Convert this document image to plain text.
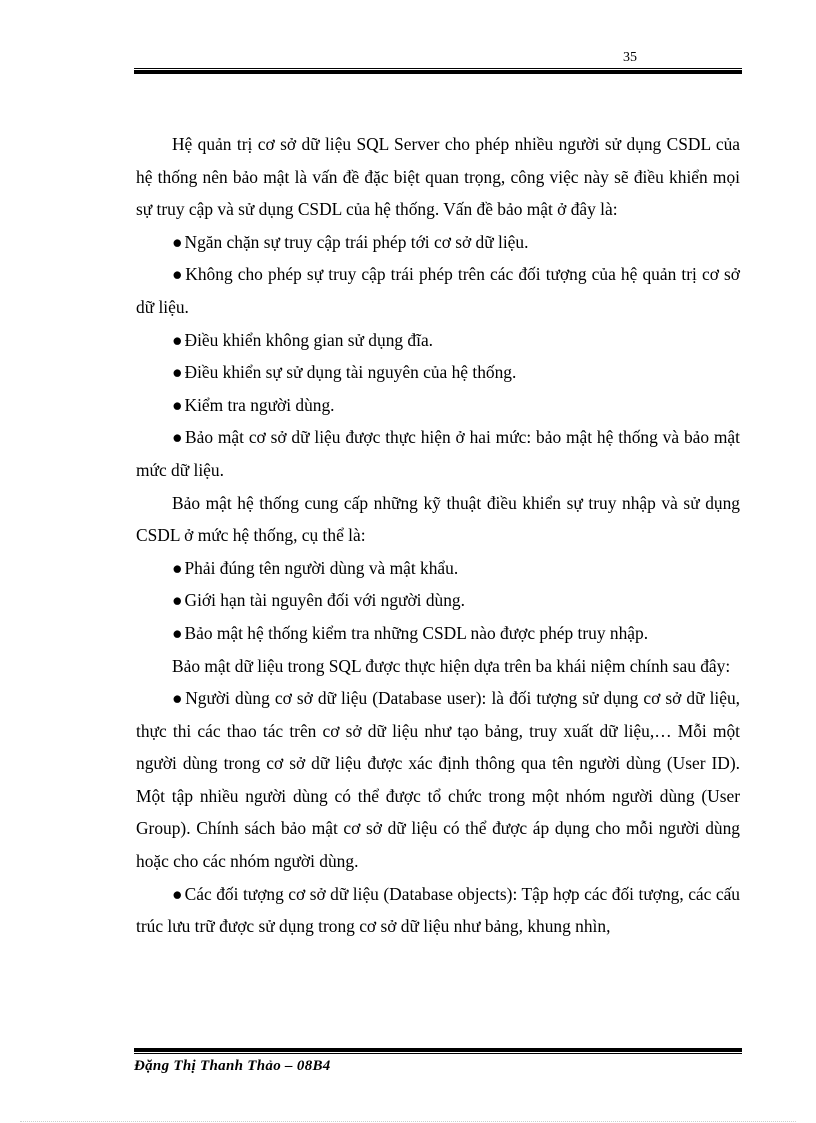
35

Hệ quản trị cơ sở dữ liệu SQL Server cho phép nhiều người sử dụng CSDL của hệ thống nên bảo mật là vấn đề đặc biệt quan trọng, công việc này sẽ điều khiển mọi sự truy cập và sử dụng CSDL của hệ thống. Vấn đề bảo mật ở đây là:

● Ngăn chặn sự truy cập trái phép tới cơ sở dữ liệu.

● Không cho phép sự truy cập trái phép trên các đối tượng của hệ quản trị cơ sở dữ liệu.

● Điều khiển không gian sử dụng đĩa.

● Điều khiển sự sử dụng tài nguyên của hệ thống.

● Kiểm tra người dùng.

● Bảo mật cơ sở dữ liệu được thực hiện ở hai mức: bảo mật hệ thống và bảo mật mức dữ liệu.

Bảo mật hệ thống cung cấp những kỹ thuật điều khiển sự truy nhập và sử dụng CSDL ở mức hệ thống, cụ thể là:

● Phải đúng tên người dùng và mật khẩu.

● Giới hạn tài nguyên đối với người dùng.

● Bảo mật hệ thống kiểm tra những CSDL nào được phép truy nhập.

Bảo mật dữ liệu trong SQL được thực hiện dựa trên ba khái niệm chính sau đây:

● Người dùng cơ sở dữ liệu (Database user): là đối tượng sử dụng cơ sở dữ liệu, thực thi các thao tác trên cơ sở dữ liệu như tạo bảng, truy xuất dữ liệu,… Mỗi một người dùng trong cơ sở dữ liệu được xác định thông qua tên người dùng (User ID). Một tập nhiều người dùng có thể được tổ chức trong một nhóm người dùng (User Group). Chính sách bảo mật cơ sở dữ liệu có thể được áp dụng cho mỗi người dùng hoặc cho các nhóm người dùng.

● Các đối tượng cơ sở dữ liệu (Database objects): Tập hợp các đối tượng, các cấu trúc lưu trữ được sử dụng trong cơ sở dữ liệu như bảng, khung nhìn,

Đặng Thị Thanh Thảo – 08B4
